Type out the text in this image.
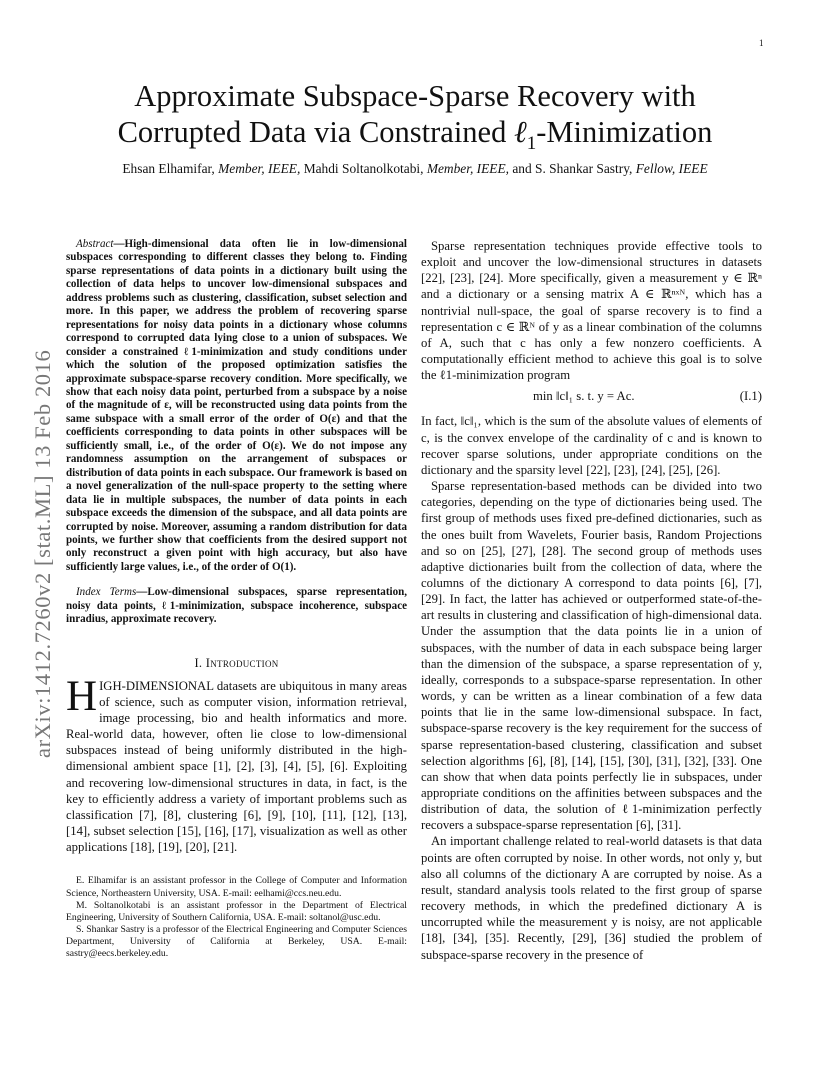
1
arXiv:1412.7260v2 [stat.ML] 13 Feb 2016
Approximate Subspace-Sparse Recovery with
Corrupted Data via Constrained ℓ$_1$-Minimization
Ehsan Elhamifar, Member, IEEE, Mahdi Soltanolkotabi, Member, IEEE, and S. Shankar Sastry, Fellow, IEEE

Abstract—High-dimensional data often lie in low-dimensional subspaces corresponding to different classes they belong to. Finding sparse representations of data points in a dictionary built using the collection of data helps to uncover low-dimensional subspaces and address problems such as clustering, classification, subset selection and more. In this paper, we address the problem of recovering sparse representations for noisy data points in a dictionary whose columns correspond to corrupted data lying close to a union of subspaces. We consider a constrained ℓ1-minimization and study conditions under which the solution of the proposed optimization satisfies the approximate subspace-sparse recovery condition. More specifically, we show that each noisy data point, perturbed from a subspace by a noise of the magnitude of ε, will be reconstructed using data points from the same subspace with a small error of the order of O(ε) and that the coefficients corresponding to data points in other subspaces will be sufficiently small, i.e., of the order of O(ε). We do not impose any randomness assumption on the arrangement of subspaces or distribution of data points in each subspace. Our framework is based on a novel generalization of the null-space property to the setting where data lie in multiple subspaces, the number of data points in each subspace exceeds the dimension of the subspace, and all data points are corrupted by noise. Moreover, assuming a random distribution for data points, we further show that coefficients from the desired support not only reconstruct a given point with high accuracy, but also have sufficiently large values, i.e., of the order of O(1).

Index Terms—Low-dimensional subspaces, sparse representation, noisy data points, ℓ1-minimization, subspace incoherence, subspace inradius, approximate recovery.

I. Introduction

HIGH-DIMENSIONAL datasets are ubiquitous in many areas of science, such as computer vision, information retrieval, image processing, bio and health informatics and more. Real-world data, however, often lie close to low-dimensional subspaces instead of being uniformly distributed in the high-dimensional ambient space [1], [2], [3], [4], [5], [6]. Exploiting and recovering low-dimensional structures in data, in fact, is the key to efficiently address a variety of important problems such as classification [7], [8], clustering [6], [9], [10], [11], [12], [13], [14], subset selection [15], [16], [17], visualization as well as other applications [18], [19], [20], [21].

E. Elhamifar is an assistant professor in the College of Computer and Information Science, Northeastern University, USA. E-mail: eelhami@ccs.neu.edu.

M. Soltanolkotabi is an assistant professor in the Department of Electrical Engineering, University of Southern California, USA. E-mail: soltanol@usc.edu.

S. Shankar Sastry is a professor of the Electrical Engineering and Computer Sciences Department, University of California at Berkeley, USA. E-mail: sastry@eecs.berkeley.edu.

Sparse representation techniques provide effective tools to exploit and uncover the low-dimensional structures in datasets [22], [23], [24]. More specifically, given a measurement y ∈ ℝⁿ and a dictionary or a sensing matrix A ∈ ℝⁿˣᴺ, which has a nontrivial null-space, the goal of sparse recovery is to find a representation c ∈ ℝᴺ of y as a linear combination of the columns of A, such that c has only a few nonzero coefficients. A computationally efficient method to achieve this goal is to solve the ℓ1-minimization program

min ‖c‖₁ s. t. y = Ac.	(I.1)

In fact, ‖c‖₁, which is the sum of the absolute values of elements of c, is the convex envelope of the cardinality of c and is known to recover sparse solutions, under appropriate conditions on the dictionary and the sparsity level [22], [23], [24], [25], [26].

Sparse representation-based methods can be divided into two categories, depending on the type of dictionaries being used. The first group of methods uses fixed pre-defined dictionaries, such as the ones built from Wavelets, Fourier basis, Random Projections and so on [25], [27], [28]. The second group of methods uses adaptive dictionaries built from the collection of data, where the columns of the dictionary A correspond to data points [6], [7], [29]. In fact, the latter has achieved or outperformed state-of-the-art results in clustering and classification of high-dimensional data. Under the assumption that the data points lie in a union of subspaces, with the number of data in each subspace being larger than the dimension of the subspace, a sparse representation of y, ideally, corresponds to a subspace-sparse representation. In other words, y can be written as a linear combination of a few data points that lie in the same low-dimensional subspace. In fact, subspace-sparse recovery is the key requirement for the success of sparse representation-based clustering, classification and subset selection algorithms [6], [8], [14], [15], [30], [31], [32], [33]. One can show that when data points perfectly lie in subspaces, under appropriate conditions on the affinities between subspaces and the distribution of data, the solution of ℓ1-minimization perfectly recovers a subspace-sparse representation [6], [31].

An important challenge related to real-world datasets is that data points are often corrupted by noise. In other words, not only y, but also all columns of the dictionary A are corrupted by noise. As a result, standard analysis tools related to the first group of sparse recovery methods, in which the predefined dictionary A is uncorrupted while the measurement y is noisy, are not applicable [18], [34], [35]. Recently, [29], [36] studied the problem of subspace-sparse recovery in the presence of
